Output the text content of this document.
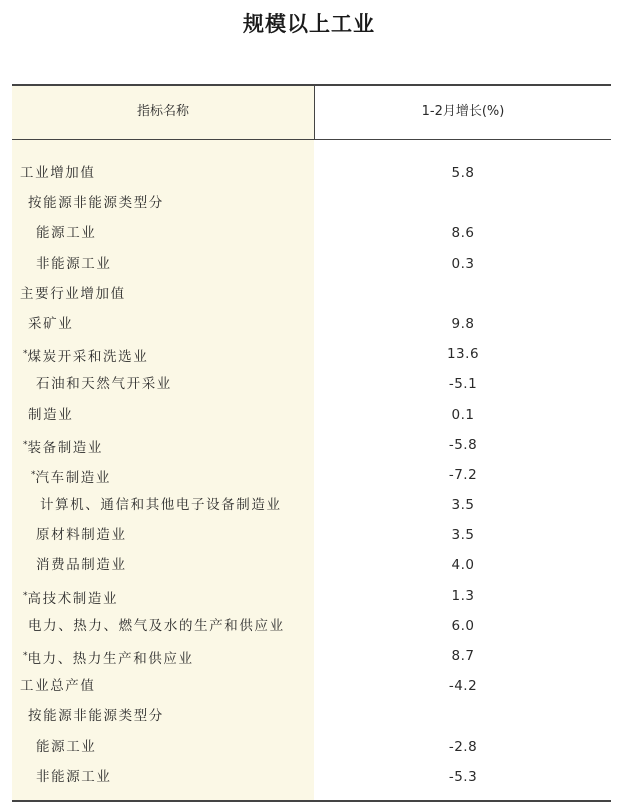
规模以上工业
指标名称	1-2月增长(%)
工业增加值	5.8
按能源非能源类型分
能源工业	8.6
非能源工业	0.3
主要行业增加值
采矿业	9.8
*煤炭开采和洗选业	13.6
石油和天然气开采业	-5.1
制造业	0.1
*装备制造业	-5.8
*汽车制造业	-7.2
计算机、通信和其他电子设备制造业	3.5
原材料制造业	3.5
消费品制造业	4.0
*高技术制造业	1.3
电力、热力、燃气及水的生产和供应业	6.0
*电力、热力生产和供应业	8.7
工业总产值	-4.2
按能源非能源类型分
能源工业	-2.8
非能源工业	-5.3
